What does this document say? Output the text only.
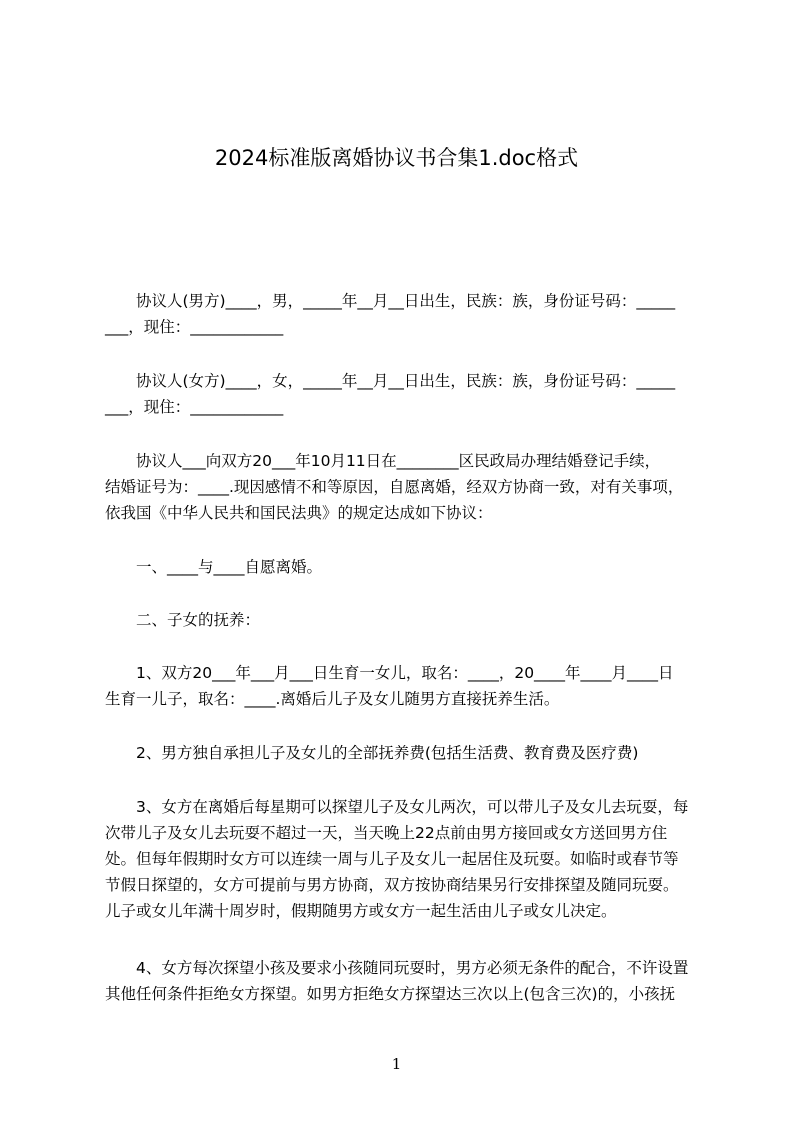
2024标准版离婚协议书合集1.doc格式

　　协议人(男方)____，男，_____年__月__日出生，民族：族，身份证号码：_____
___，现住：____________

　　协议人(女方)____，女，_____年__月__日出生，民族：族，身份证号码：_____
___，现住：____________

　　协议人___向双方20___年10月11日在________区民政局办理结婚登记手续，
结婚证号为：____.现因感情不和等原因，自愿离婚，经双方协商一致，对有关事项，
依我国《中华人民共和国民法典》的规定达成如下协议：

　　一、____与____自愿离婚。

　　二、子女的抚养：

　　1、双方20___年___月___日生育一女儿，取名：____，20____年____月____日
生育一儿子，取名：____.离婚后儿子及女儿随男方直接抚养生活。

　　2、男方独自承担儿子及女儿的全部抚养费(包括生活费、教育费及医疗费)

　　3、女方在离婚后每星期可以探望儿子及女儿两次，可以带儿子及女儿去玩耍，每
次带儿子及女儿去玩耍不超过一天，当天晚上22点前由男方接回或女方送回男方住
处。但每年假期时女方可以连续一周与儿子及女儿一起居住及玩耍。如临时或春节等
节假日探望的，女方可提前与男方协商，双方按协商结果另行安排探望及随同玩耍。
儿子或女儿年满十周岁时，假期随男方或女方一起生活由儿子或女儿决定。

　　4、女方每次探望小孩及要求小孩随同玩耍时，男方必须无条件的配合，不许设置
其他任何条件拒绝女方探望。如男方拒绝女方探望达三次以上(包含三次)的，小孩抚

1
